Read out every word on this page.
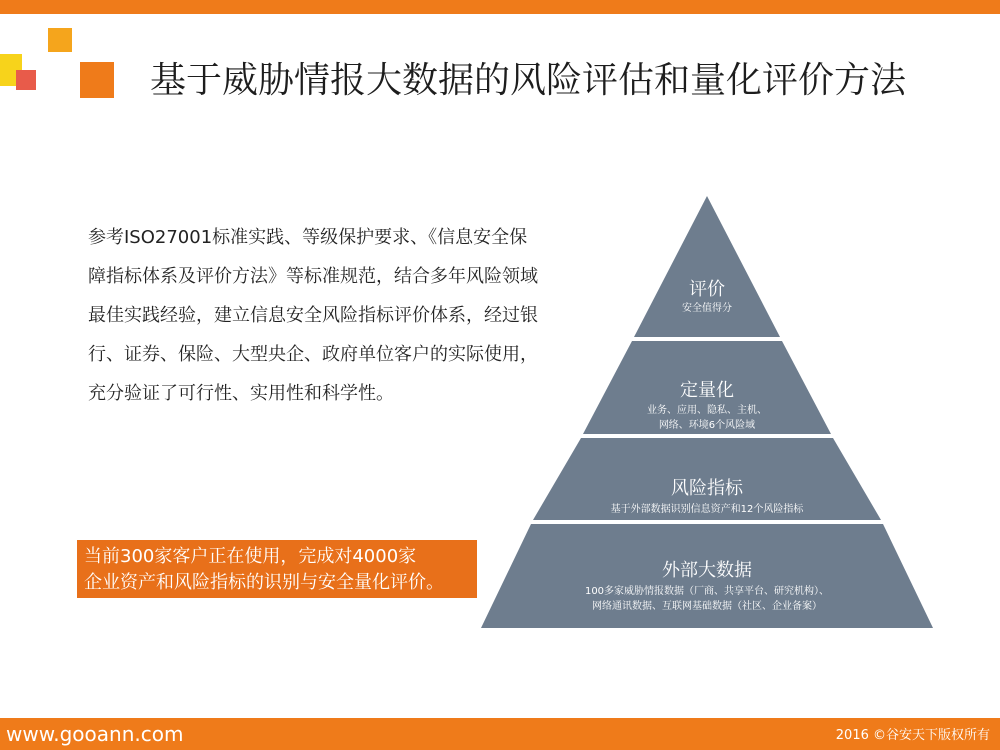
基于威胁情报大数据的风险评估和量化评价方法
参考ISO27001标准实践、等级保护要求、《信息安全保障指标体系及评价方法》等标准规范，结合多年风险领域最佳实践经验，建立信息安全风险指标评价体系，经过银行、证券、保险、大型央企、政府单位客户的实际使用，充分验证了可行性、实用性和科学性。
当前300家客户正在使用，完成对4000家
企业资产和风险指标的识别与安全量化评价。
评价
安全值得分
定量化
业务、应用、隐私、主机、
网络、环境6个风险域
风险指标
基于外部数据识别信息资产和12个风险指标
外部大数据
100多家威胁情报数据（厂商、共享平台、研究机构）、
网络通讯数据、互联网基础数据（社区、企业备案）
www.gooann.com	2016 ©谷安天下版权所有
